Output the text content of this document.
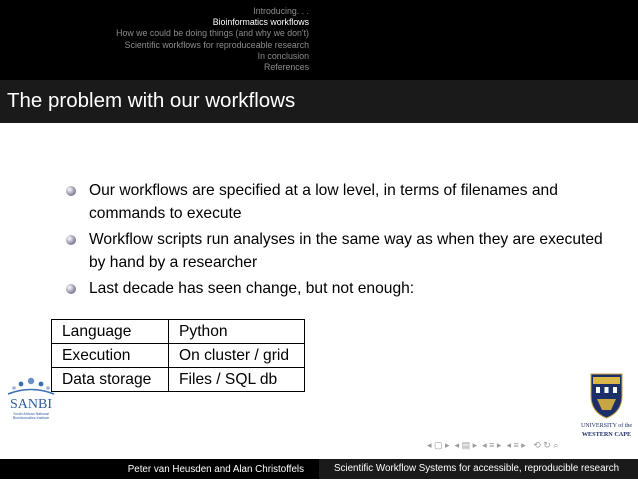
Introducing. . .
Bioinformatics workflows
How we could be doing things (and why we don't)
Scientific workflows for reproduceable research
In conclusion
References
The problem with our workflows
Our workflows are specified at a low level, in terms of filenames and commands to execute
Workflow scripts run analyses in the same way as when they are executed by hand by a researcher
Last decade has seen change, but not enough:
Language	Python
Execution	On cluster / grid
Data storage	Files / SQL db
SANBI
South African National Bioinformatics Institute
UNIVERSITY of the
WESTERN CAPE
◂ ▢ ▸  ◂ ▤ ▸  ◂ ≡ ▸  ◂ ≡ ▸   ⟲ ↻ ⌕
Peter van Heusden and Alan Christoffels	Scientific Workflow Systems for accessible, reproducible research
